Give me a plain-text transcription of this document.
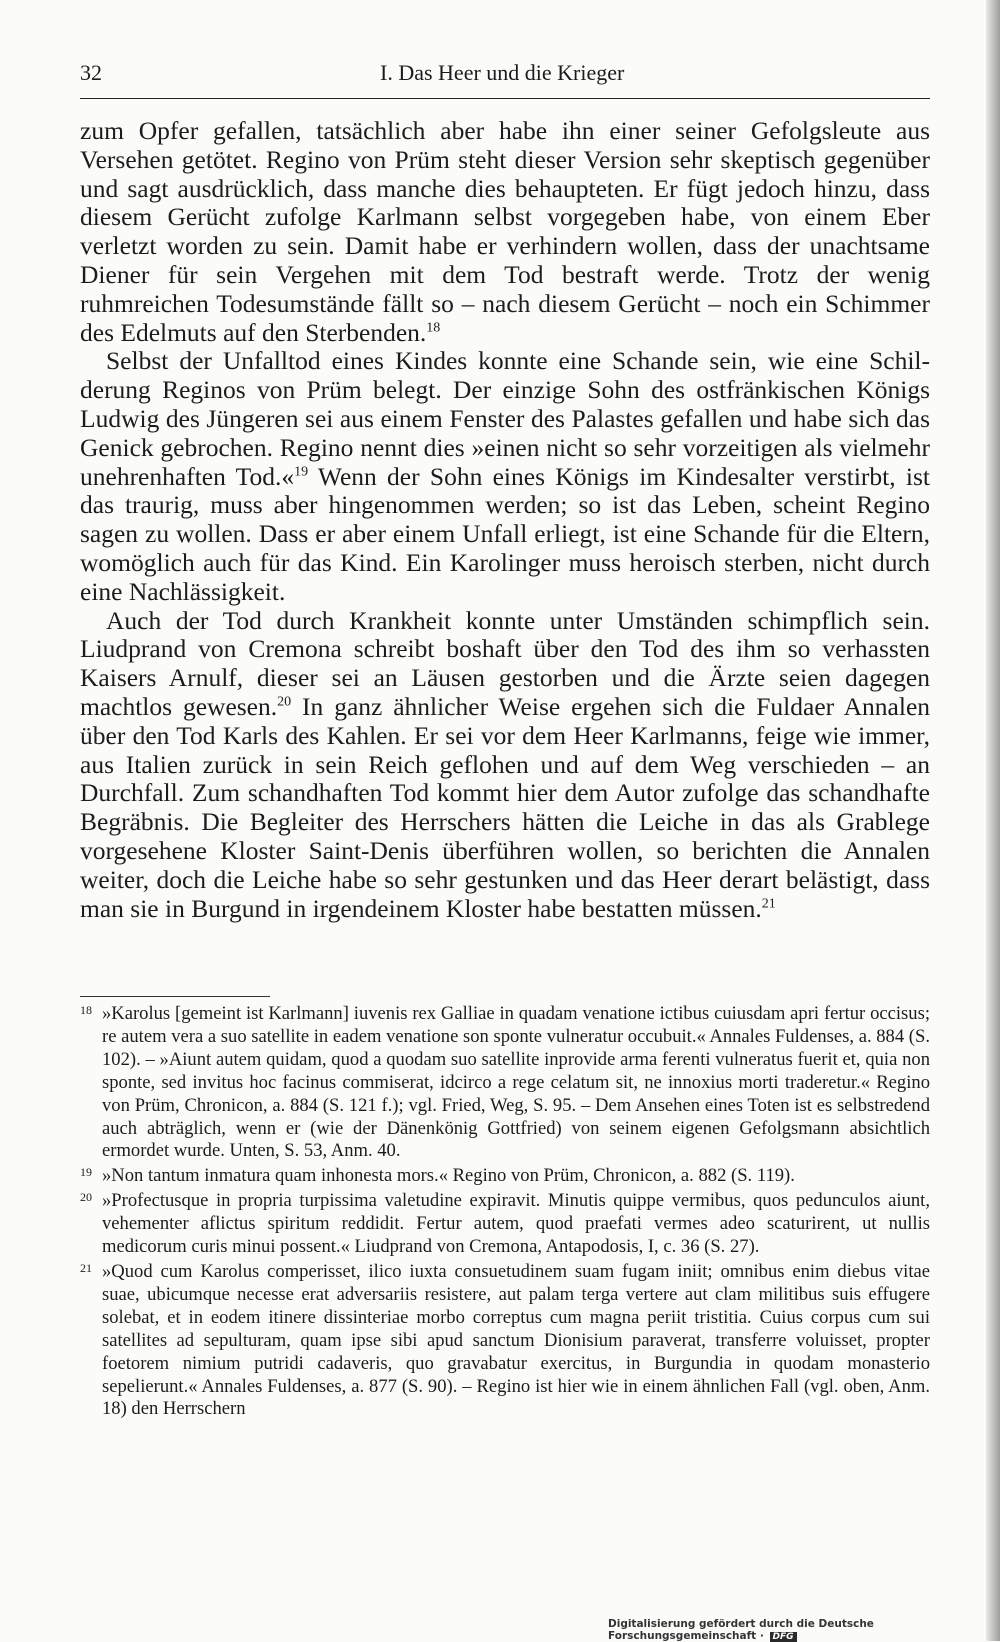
32	I. Das Heer und die Krieger

zum Opfer gefallen, tatsächlich aber habe ihn einer seiner Gefolgsleute aus Versehen getötet. Regino von Prüm steht dieser Version sehr skeptisch gegenüber und sagt ausdrücklich, dass manche dies behaupteten. Er fügt jedoch hinzu, dass diesem Gerücht zufolge Karlmann selbst vorgegeben habe, von einem Eber verletzt worden zu sein. Damit habe er verhindern wollen, dass der unachtsame Diener für sein Vergehen mit dem Tod bestraft werde. Trotz der wenig ruhmreichen Todesumstände fällt so – nach diesem Gerücht – noch ein Schimmer des Edelmuts auf den Sterbenden.$^{18}$

Selbst der Unfalltod eines Kindes konnte eine Schande sein, wie eine Schilderung Reginos von Prüm belegt. Der einzige Sohn des ostfränkischen Königs Ludwig des Jüngeren sei aus einem Fenster des Palastes gefallen und habe sich das Genick gebrochen. Regino nennt dies »einen nicht so sehr vorzeitigen als vielmehr unehrenhaften Tod.«$^{19}$ Wenn der Sohn eines Königs im Kindesalter verstirbt, ist das traurig, muss aber hingenommen werden; so ist das Leben, scheint Regino sagen zu wollen. Dass er aber einem Unfall erliegt, ist eine Schande für die Eltern, womöglich auch für das Kind. Ein Karolinger muss heroisch sterben, nicht durch eine Nachlässigkeit.

Auch der Tod durch Krankheit konnte unter Umständen schimpflich sein. Liudprand von Cremona schreibt boshaft über den Tod des ihm so verhassten Kaisers Arnulf, dieser sei an Läusen gestorben und die Ärzte seien dagegen machtlos gewesen.$^{20}$ In ganz ähnlicher Weise ergehen sich die Fuldaer Annalen über den Tod Karls des Kahlen. Er sei vor dem Heer Karlmanns, feige wie immer, aus Italien zurück in sein Reich geflohen und auf dem Weg verschieden – an Durchfall. Zum schandhaften Tod kommt hier dem Autor zufolge das schandhafte Begräbnis. Die Begleiter des Herrschers hätten die Leiche in das als Grablege vorgesehene Kloster Saint-Denis überführen wollen, so berichten die Annalen weiter, doch die Leiche habe so sehr gestunken und das Heer derart belästigt, dass man sie in Burgund in irgendeinem Kloster habe bestatten müssen.$^{21}$

18 »Karolus [gemeint ist Karlmann] iuvenis rex Galliae in quadam venatione ictibus cuiusdam apri fertur occisus; re autem vera a suo satellite in eadem venatione son sponte vulneratur occubuit.« Annales Fuldenses, a. 884 (S. 102). – »Aiunt autem quidam, quod a quodam suo satellite inprovide arma ferenti vulneratus fuerit et, quia non sponte, sed invitus hoc facinus commiserat, idcirco a rege celatum sit, ne innoxius morti traderetur.« Regino von Prüm, Chronicon, a. 884 (S. 121 f.); vgl. Fried, Weg, S. 95. – Dem Ansehen eines Toten ist es selbstredend auch abträglich, wenn er (wie der Dänenkönig Gottfried) von seinem eigenen Gefolgsmann absichtlich ermordet wurde. Unten, S. 53, Anm. 40.
19 »Non tantum inmatura quam inhonesta mors.« Regino von Prüm, Chronicon, a. 882 (S. 119).
20 »Profectusque in propria turpissima valetudine expiravit. Minutis quippe vermibus, quos pedunculos aiunt, vehementer aflictus spiritum reddidit. Fertur autem, quod praefati vermes adeo scaturirent, ut nullis medicorum curis minui possent.« Liudprand von Cremona, Antapodosis, I, c. 36 (S. 27).
21 »Quod cum Karolus comperisset, ilico iuxta consuetudinem suam fugam iniit; omnibus enim diebus vitae suae, ubicumque necesse erat adversariis resistere, aut palam terga vertere aut clam militibus suis effugere solebat, et in eodem itinere dissinteriae morbo correptus cum magna periit tristitia. Cuius corpus cum sui satellites ad sepulturam, quam ipse sibi apud sanctum Dionisium paraverat, transferre voluisset, propter foetorem nimium putridi cadaveris, quo gravabatur exercitus, in Burgundia in quodam monasterio sepelierunt.« Annales Fuldenses, a. 877 (S. 90). – Regino ist hier wie in einem ähnlichen Fall (vgl. oben, Anm. 18) den Herrschern
Digitalisierung gefördert durch die Deutsche Forschungsgemeinschaft · DFG
